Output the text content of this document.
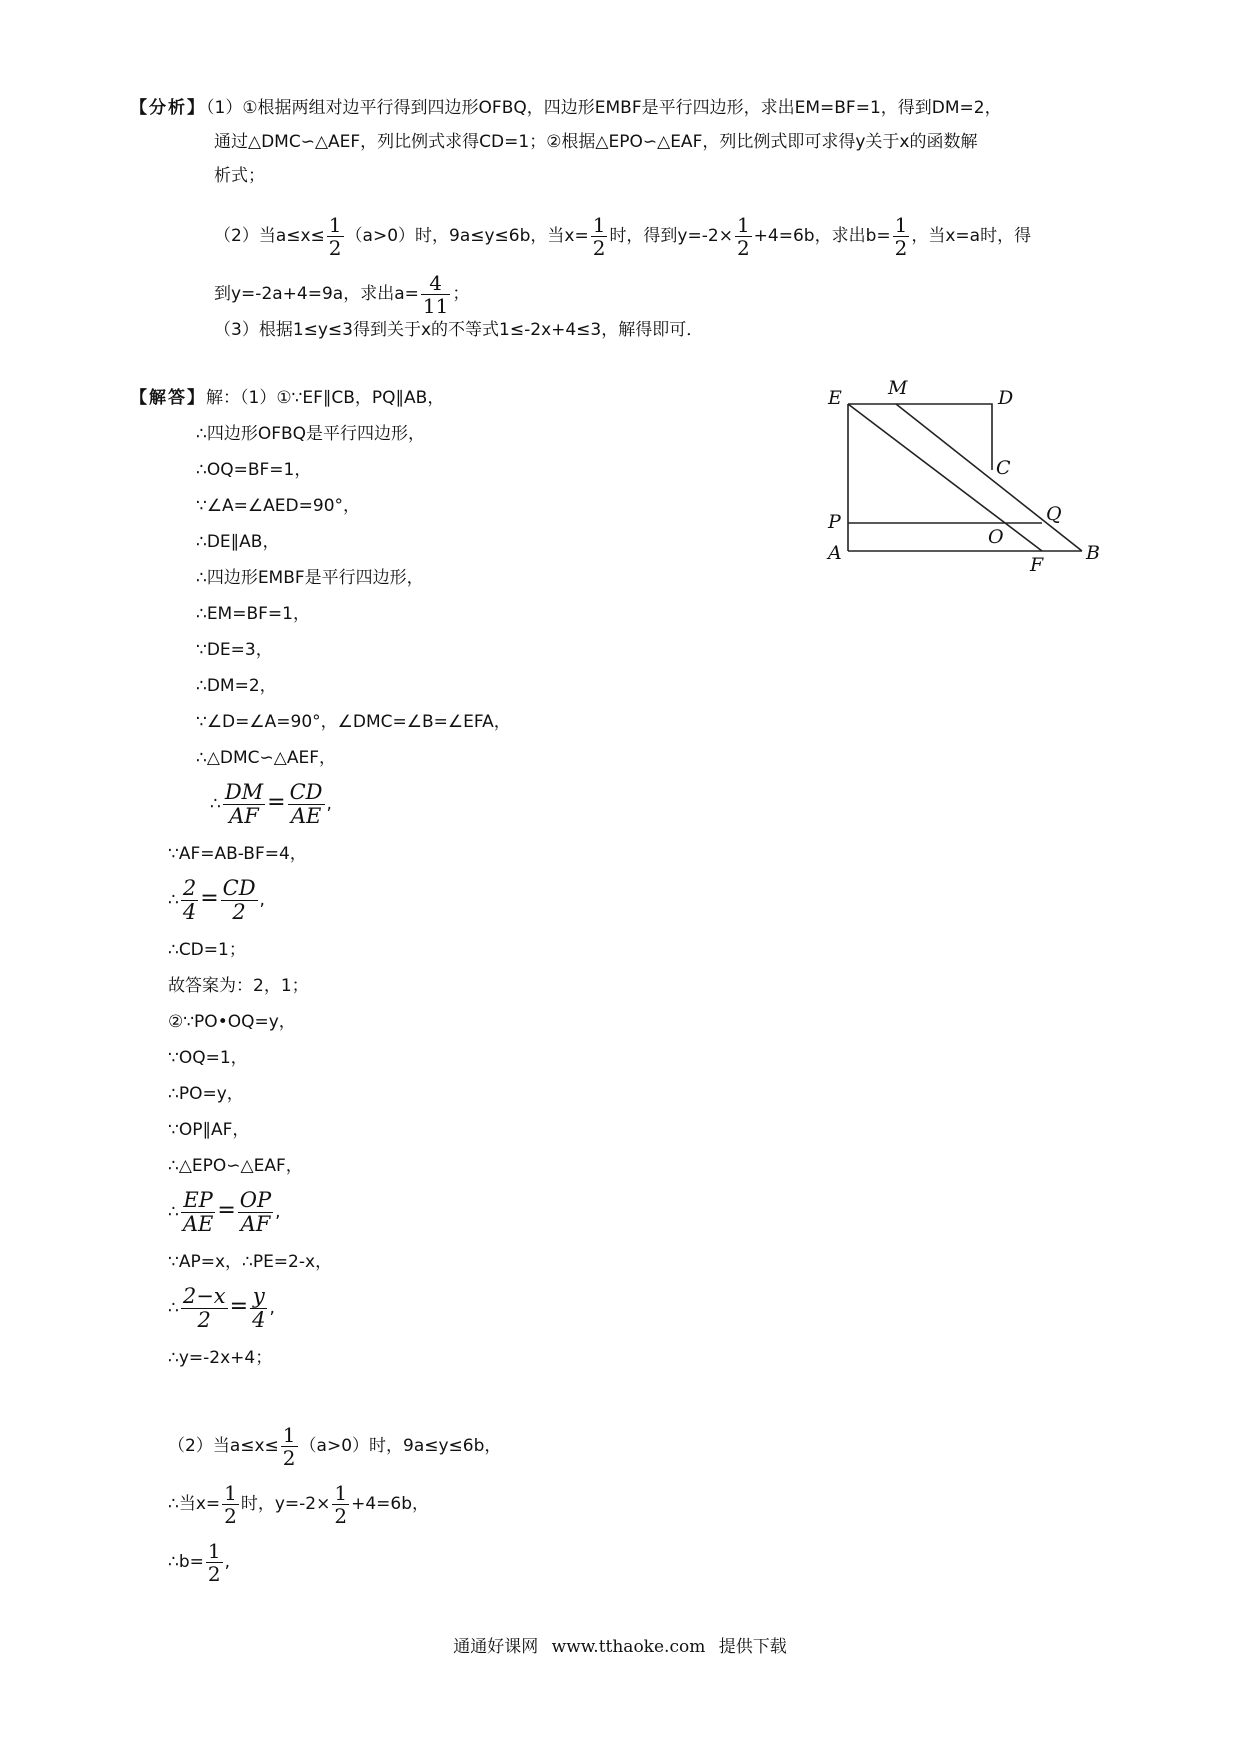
【分析】（1）①根据两组对边平行得到四边形OFBQ，四边形EMBF是平行四边形，求出EM=BF=1，得到DM=2，
通过△DMC∽△AEF，列比例式求得CD=1；②根据△EPO∽△EAF，列比例式即可求得y关于x的函数解
析式；
（2）当$a\le x\le \frac{1}{2} (a>0)$时，9a≤y≤6b，当$x= \frac{1}{2}$ 时，得到$y=-2\times \frac{1}{2} +4=6b$，求出$b= \frac{1}{2}$ ，当x=a时，得
到y=-2a+4=9a，求出$a= \frac{4}{11}$ ；
（3）根据1≤y≤3得到关于x的不等式1≤-2x+4≤3，解得即可．
【解答】解：（1）①∵EF∥CB，PQ∥AB，
∴四边形OFBQ是平行四边形，
∴OQ=BF=1，
∵∠A=∠AED=90°，
∴DE∥AB，
∴四边形EMBF是平行四边形，
∴EM=BF=1，
∵DE=3，
∴DM=2，
∵∠D=∠A=90°，∠DMC=∠B=∠EFA，
∴△DMC∽△AEF，
∴ $\frac{DM}{AF} = \frac{CD}{AE}$ ,
∵AF=AB-BF=4，
∴ $\frac{2}{4} = \frac{CD}{2}$ ,
∴CD=1；
故答案为：2，1；
②∵PO•OQ=y，
∵OQ=1，
∴PO=y，
∵OP∥AF，
∴△EPO∽△EAF，
∴ $\frac{EP}{AE} = \frac{OP}{AF}$ ,
∵AP=x，∴PE=2-x，
∴ $\frac{2-x}{2} = \frac{y}{4}$ ,
∴y=-2x+4；
（2）当$a\le x\le \frac{1}{2} (a>0)$时，9a≤y≤6b，
∴当$x= \frac{1}{2}$ 时，$y=-2\times \frac{1}{2} +4=6b$，
∴b= $\frac{1}{2}$ ,
E M	D
C
P	Q
O
A
F
B
通通好课网 www.tthaoke.com 提供下载
